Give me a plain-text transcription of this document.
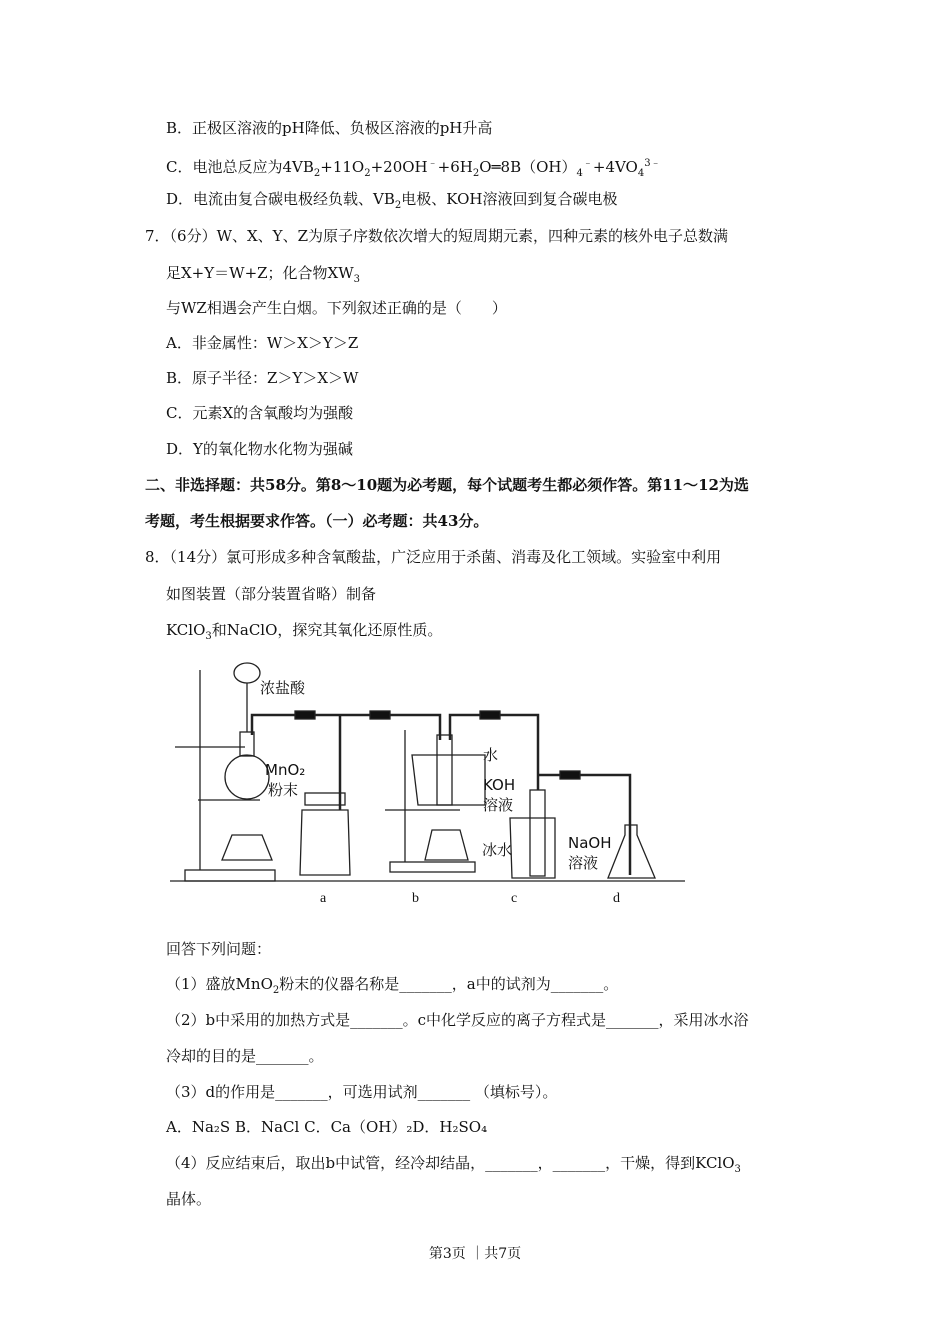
B．正极区溶液的pH降低、负极区溶液的pH升高
C．电池总反应为$4VB_2+11O_2+20OH^﹣+6H_2O═8B(OH)_4^﹣+4VO_4^{3﹣}$
D．电流由复合碳电极经负载、$VB_2$电极、KOH溶液回到复合碳电极
7．（6分）W、X、Y、Z为原子序数依次增大的短周期元素，四种元素的核外电子总数满
足X+Y＝W+Z；化合物$XW_3$
与WZ相遇会产生白烟。下列叙述正确的是（　　）
A．非金属性：W＞X＞Y＞Z
B．原子半径：Z＞Y＞X＞W
C．元素X的含氧酸均为强酸
D．Y的氧化物水化物为强碱
二、非选择题：共58分。第8～10题为必考题，每个试题考生都必须作答。第11～12为选
考题，考生根据要求作答。（一）必考题：共43分。
8．（14分）氯可形成多种含氧酸盐，广泛应用于杀菌、消毒及化工领域。实验室中利用
如图装置（部分装置省略）制备
KClO$_3$和NaClO，探究其氧化还原性质。
浓盐酸
MnO₂
粉末
水
KOH
溶液
冰水	NaOH
溶液
a	b	c	d
回答下列问题：
（1）盛放MnO$_2$粉末的仪器名称是_______，a中的试剂为_______。
（2）b中采用的加热方式是_______。c中化学反应的离子方程式是_______，采用冰水浴
冷却的目的是_______。
（3）d的作用是_______，可选用试剂_______ （填标号）。
A．Na₂S B．NaCl C．Ca（OH）₂D．H₂SO₄
（4）反应结束后，取出b中试管，经冷却结晶，_______，_______，干燥，得到KClO$_3$
晶体。
第3页 ｜共7页
